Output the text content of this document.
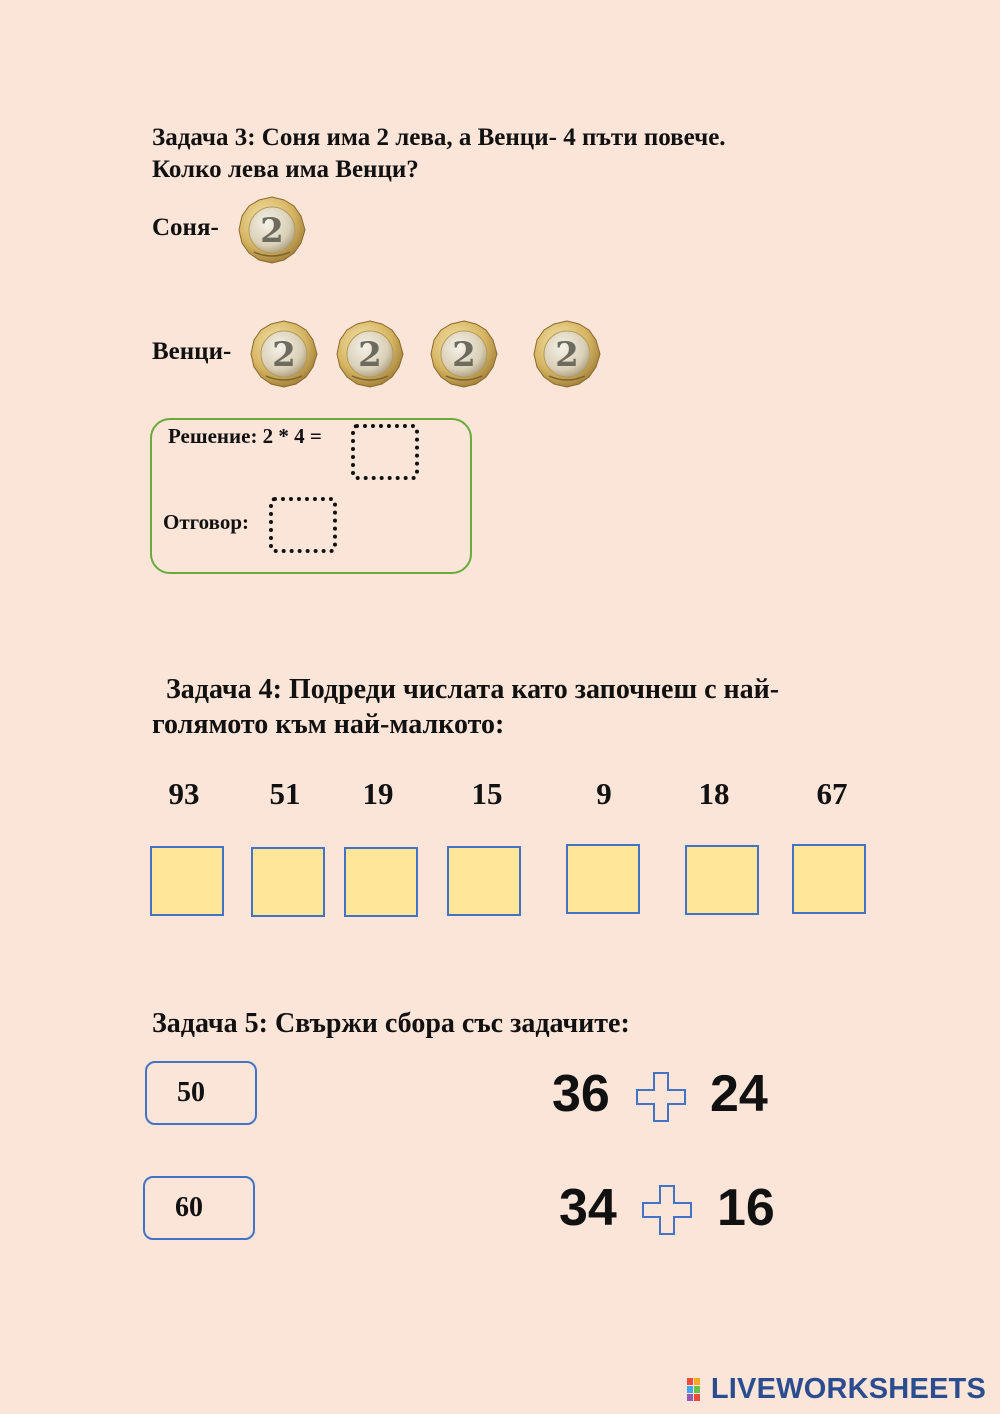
Задача 3: Соня има 2 лева, а Венци- 4 пъти повече.
Колко лева има Венци?
Соня-
Венци-
Решение: 2 * 4 =
Отговор:
Задача 4: Подреди числата като започнеш с най-
голямото към най-малкото:
93	51	19	15	9	18	67
Задача 5: Свържи сбора със задачите:
50
60
36 24
34 16
LIVEWORKSHEETS
